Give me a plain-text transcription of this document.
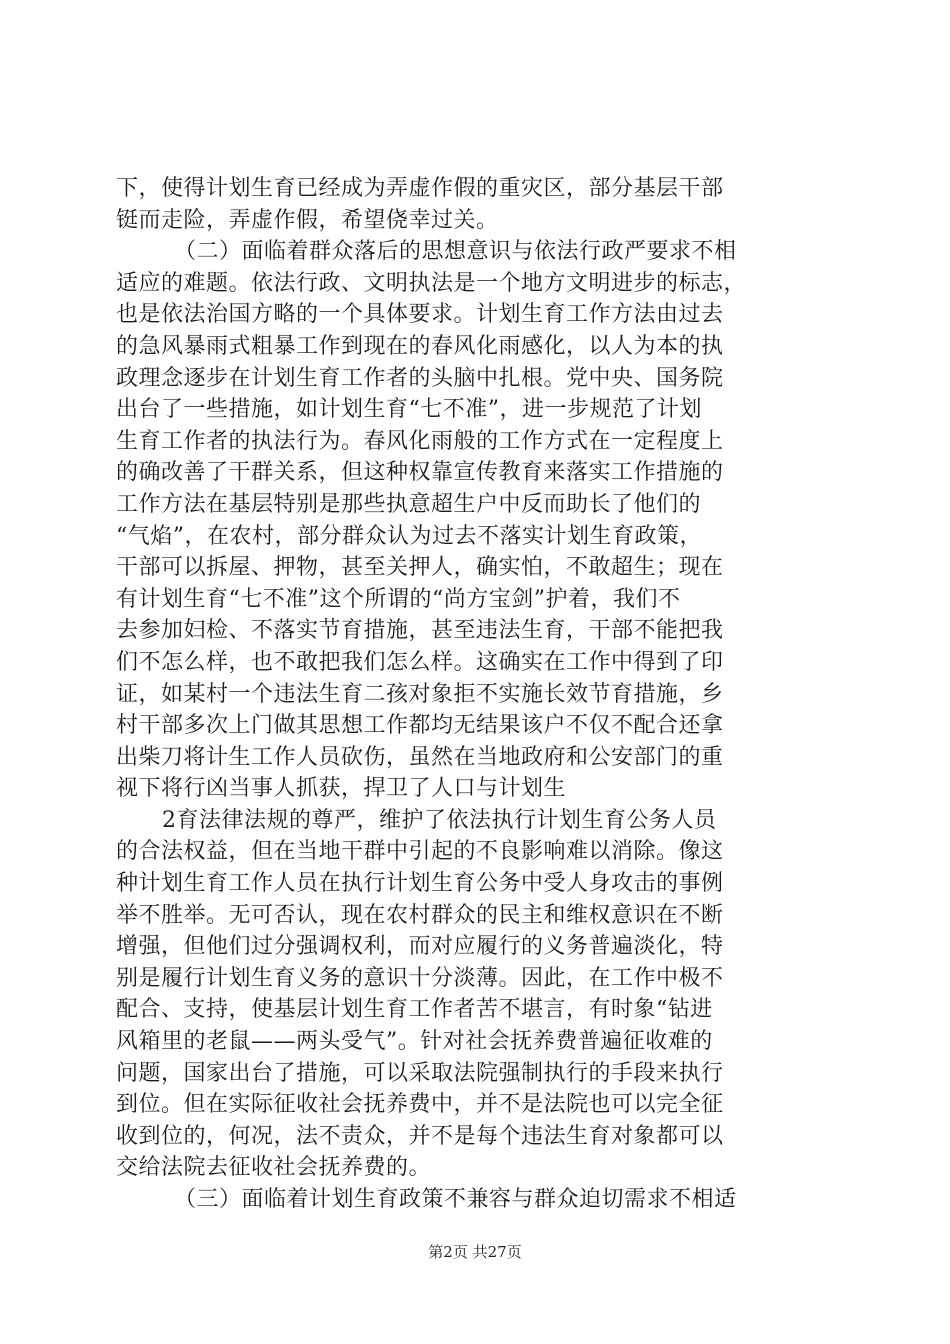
下，使得计划生育已经成为弄虚作假的重灾区，部分基层干部
铤而走险，弄虚作假，希望侥幸过关。
（二）面临着群众落后的思想意识与依法行政严要求不相
适应的难题。依法行政、文明执法是一个地方文明进步的标志，
也是依法治国方略的一个具体要求。计划生育工作方法由过去
的急风暴雨式粗暴工作到现在的春风化雨感化，以人为本的执
政理念逐步在计划生育工作者的头脑中扎根。党中央、国务院
出台了一些措施，如计划生育“七不准”，进一步规范了计划
生育工作者的执法行为。春风化雨般的工作方式在一定程度上
的确改善了干群关系，但这种权靠宣传教育来落实工作措施的
工作方法在基层特别是那些执意超生户中反而助长了他们的
“气焰”，在农村，部分群众认为过去不落实计划生育政策，
干部可以拆屋、押物，甚至关押人，确实怕，不敢超生；现在
有计划生育“七不准”这个所谓的“尚方宝剑”护着，我们不
去参加妇检、不落实节育措施，甚至违法生育，干部不能把我
们不怎么样，也不敢把我们怎么样。这确实在工作中得到了印
证，如某村一个违法生育二孩对象拒不实施长效节育措施，乡
村干部多次上门做其思想工作都均无结果该户不仅不配合还拿
出柴刀将计生工作人员砍伤，虽然在当地政府和公安部门的重
视下将行凶当事人抓获，捍卫了人口与计划生
2育法律法规的尊严，维护了依法执行计划生育公务人员
的合法权益，但在当地干群中引起的不良影响难以消除。像这
种计划生育工作人员在执行计划生育公务中受人身攻击的事例
举不胜举。无可否认，现在农村群众的民主和维权意识在不断
增强，但他们过分强调权利，而对应履行的义务普遍淡化，特
别是履行计划生育义务的意识十分淡薄。因此，在工作中极不
配合、支持，使基层计划生育工作者苦不堪言，有时象“钻进
风箱里的老鼠——两头受气”。针对社会抚养费普遍征收难的
问题，国家出台了措施，可以采取法院强制执行的手段来执行
到位。但在实际征收社会抚养费中，并不是法院也可以完全征
收到位的，何况，法不责众，并不是每个违法生育对象都可以
交给法院去征收社会抚养费的。
（三）面临着计划生育政策不兼容与群众迫切需求不相适
第2页 共27页
